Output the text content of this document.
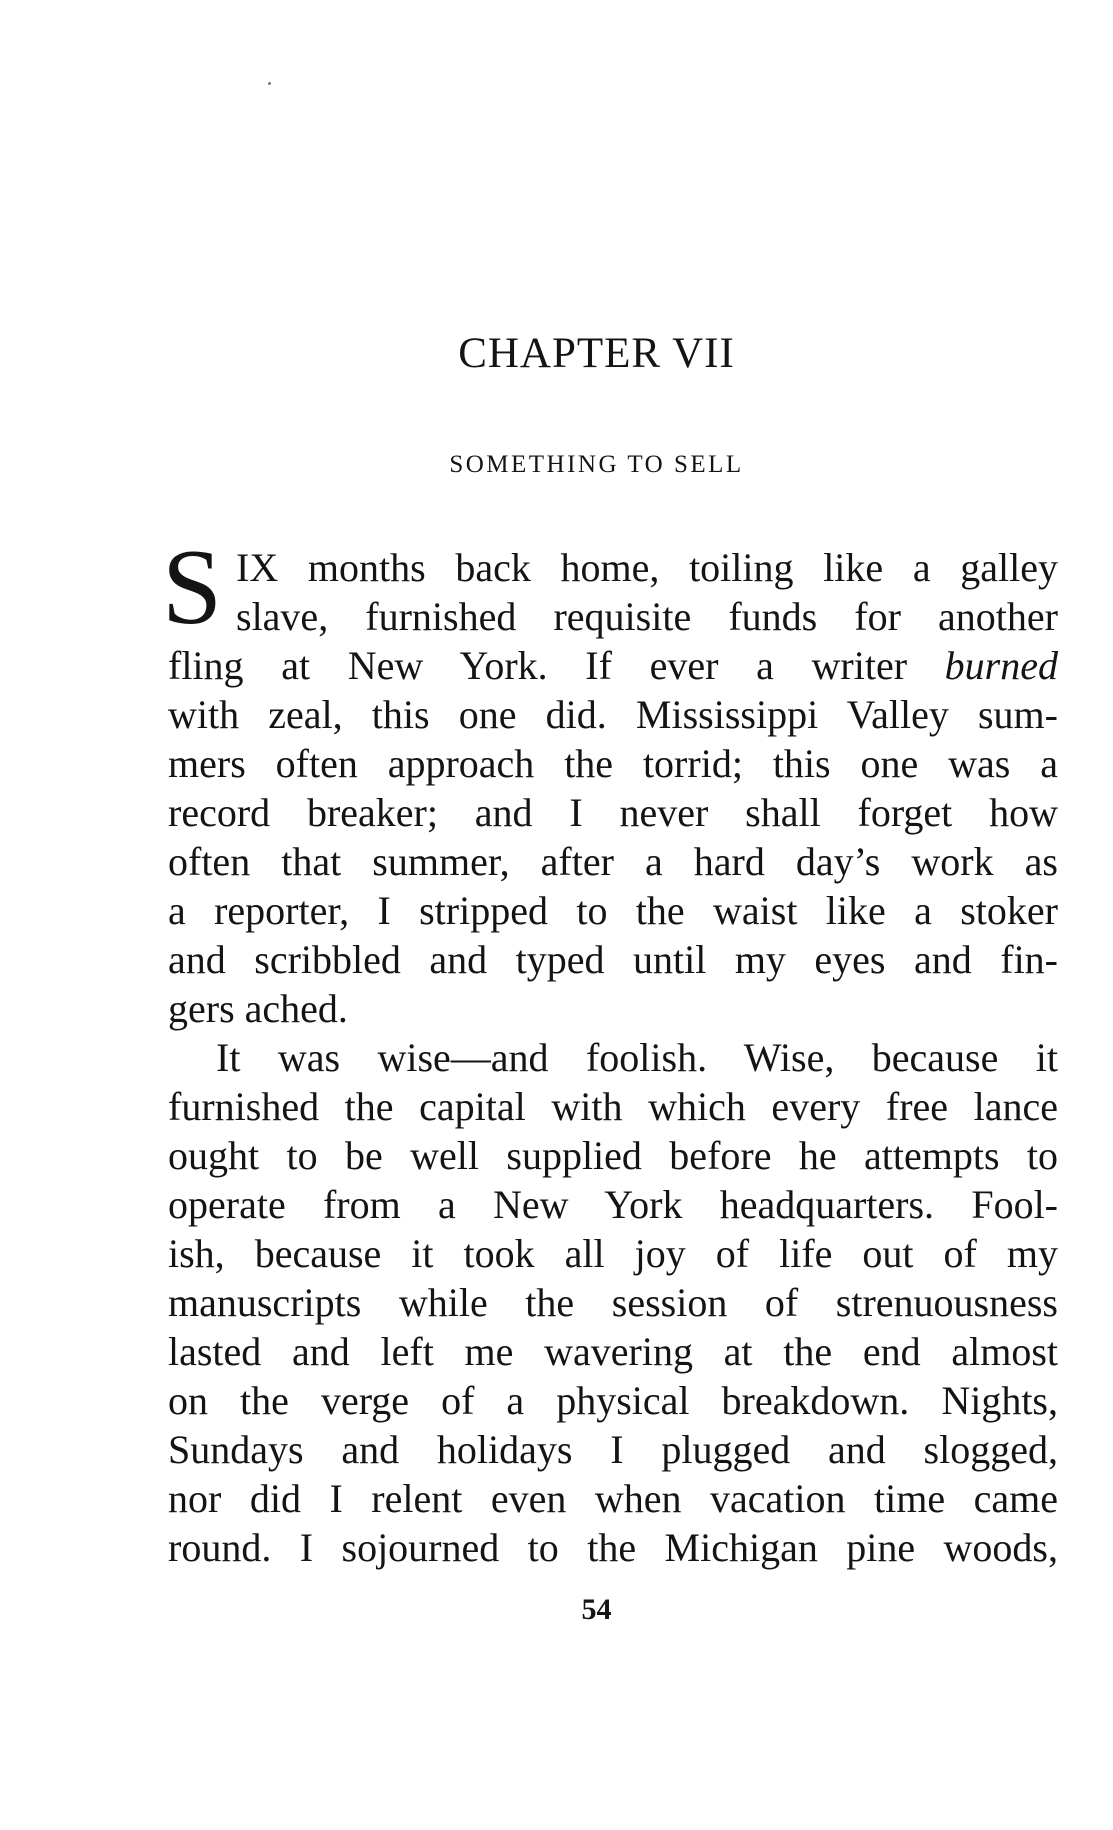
CHAPTER VII
SOMETHING TO SELL
S IX months back home, toiling like a galley
slave, furnished requisite funds for another
fling at New York. If ever a writer burned
with zeal, this one did. Mississippi Valley sum-
mers often approach the torrid; this one was a
record breaker; and I never shall forget how
often that summer, after a hard day’s work as
a reporter, I stripped to the waist like a stoker
and scribbled and typed until my eyes and fin-
gers ached.
It was wise—and foolish. Wise, because it
furnished the capital with which every free lance
ought to be well supplied before he attempts to
operate from a New York headquarters. Fool-
ish, because it took all joy of life out of my
manuscripts while the session of strenuousness
lasted and left me wavering at the end almost
on the verge of a physical breakdown. Nights,
Sundays and holidays I plugged and slogged,
nor did I relent even when vacation time came
round. I sojourned to the Michigan pine woods,
54
